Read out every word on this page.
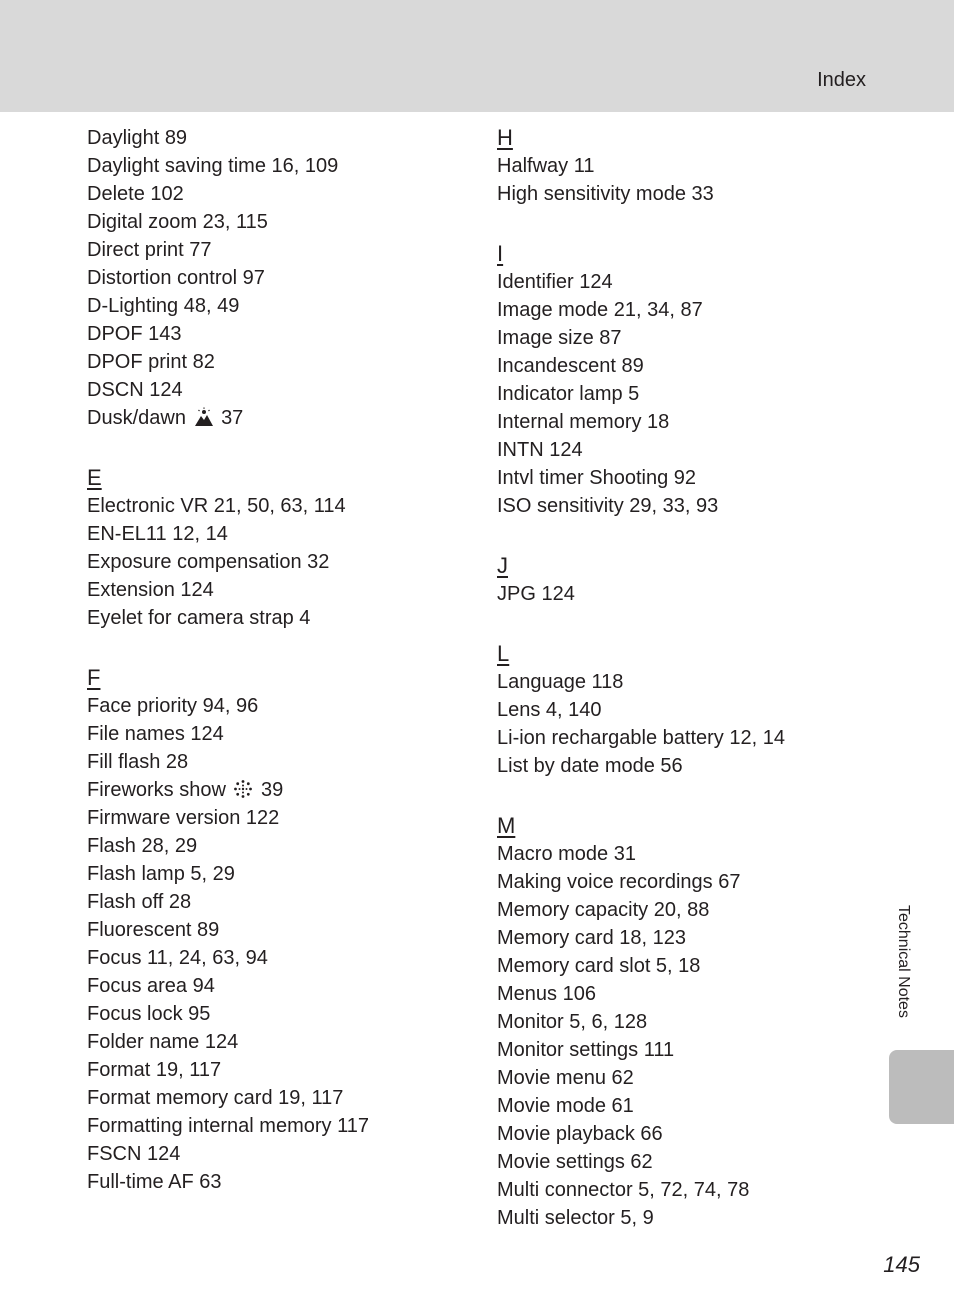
Index
Daylight 89
Daylight saving time 16, 109
Delete 102
Digital zoom 23, 115
Direct print 77
Distortion control 97
D-Lighting 48, 49
DPOF 143
DPOF print 82
DSCN 124
Dusk/dawn 37
E
Electronic VR 21, 50, 63, 114
EN-EL11 12, 14
Exposure compensation 32
Extension 124
Eyelet for camera strap 4
F
Face priority 94, 96
File names 124
Fill flash 28
Fireworks show 39
Firmware version 122
Flash 28, 29
Flash lamp 5, 29
Flash off 28
Fluorescent 89
Focus 11, 24, 63, 94
Focus area 94
Focus lock 95
Folder name 124
Format 19, 117
Format memory card 19, 117
Formatting internal memory 117
FSCN 124
Full-time AF 63
H
Halfway 11
High sensitivity mode 33
I
Identifier 124
Image mode 21, 34, 87
Image size 87
Incandescent 89
Indicator lamp 5
Internal memory 18
INTN 124
Intvl timer Shooting 92
ISO sensitivity 29, 33, 93
J
JPG 124
L
Language 118
Lens 4, 140
Li-ion rechargable battery 12, 14
List by date mode 56
M
Macro mode 31
Making voice recordings 67
Memory capacity 20, 88
Memory card 18, 123
Memory card slot 5, 18
Menus 106
Monitor 5, 6, 128
Monitor settings 111
Movie menu 62
Movie mode 61
Movie playback 66
Movie settings 62
Multi connector 5, 72, 74, 78
Multi selector 5, 9
Technical Notes
145
